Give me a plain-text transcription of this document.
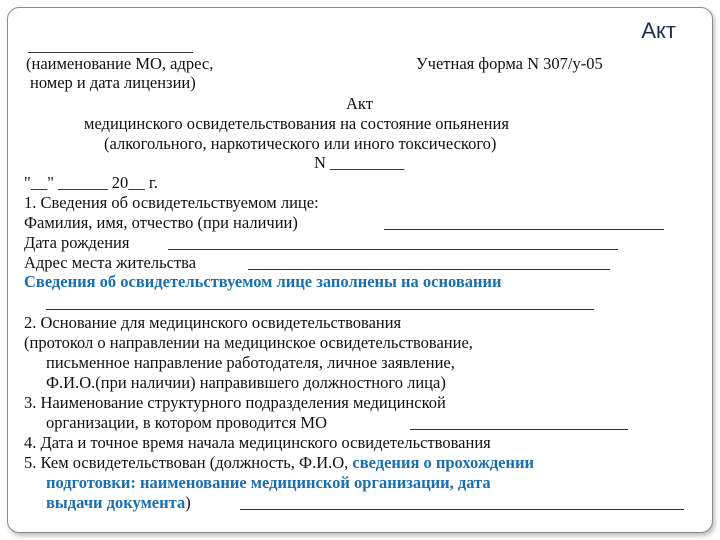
Акт
____________________
(наименование МО, адрес,	Учетная форма N 307/у-05
номер и дата лицензии)
Акт
медицинского освидетельствования на состояние опьянения
(алкогольного, наркотического или иного токсического)
N _________
"__" ______ 20__ г.
1. Сведения об освидетельствуемом лице:
Фамилия, имя, отчество (при наличии)
Дата рождения
Адрес места жительства
Сведения об освидетельствуемом лице заполнены на основании
2. Основание для медицинского освидетельствования
(протокол о направлении на медицинское освидетельствование,
письменное направление работодателя, личное заявление,
Ф.И.О.(при наличии) направившего должностного лица)
3. Наименование структурного подразделения медицинской
организации, в котором проводится МО
4. Дата и точное время начала медицинского освидетельствования
5. Кем освидетельствован (должность, Ф.И.О, сведения о прохождении
подготовки: наименование медицинской организации, дата
выдачи документа)
